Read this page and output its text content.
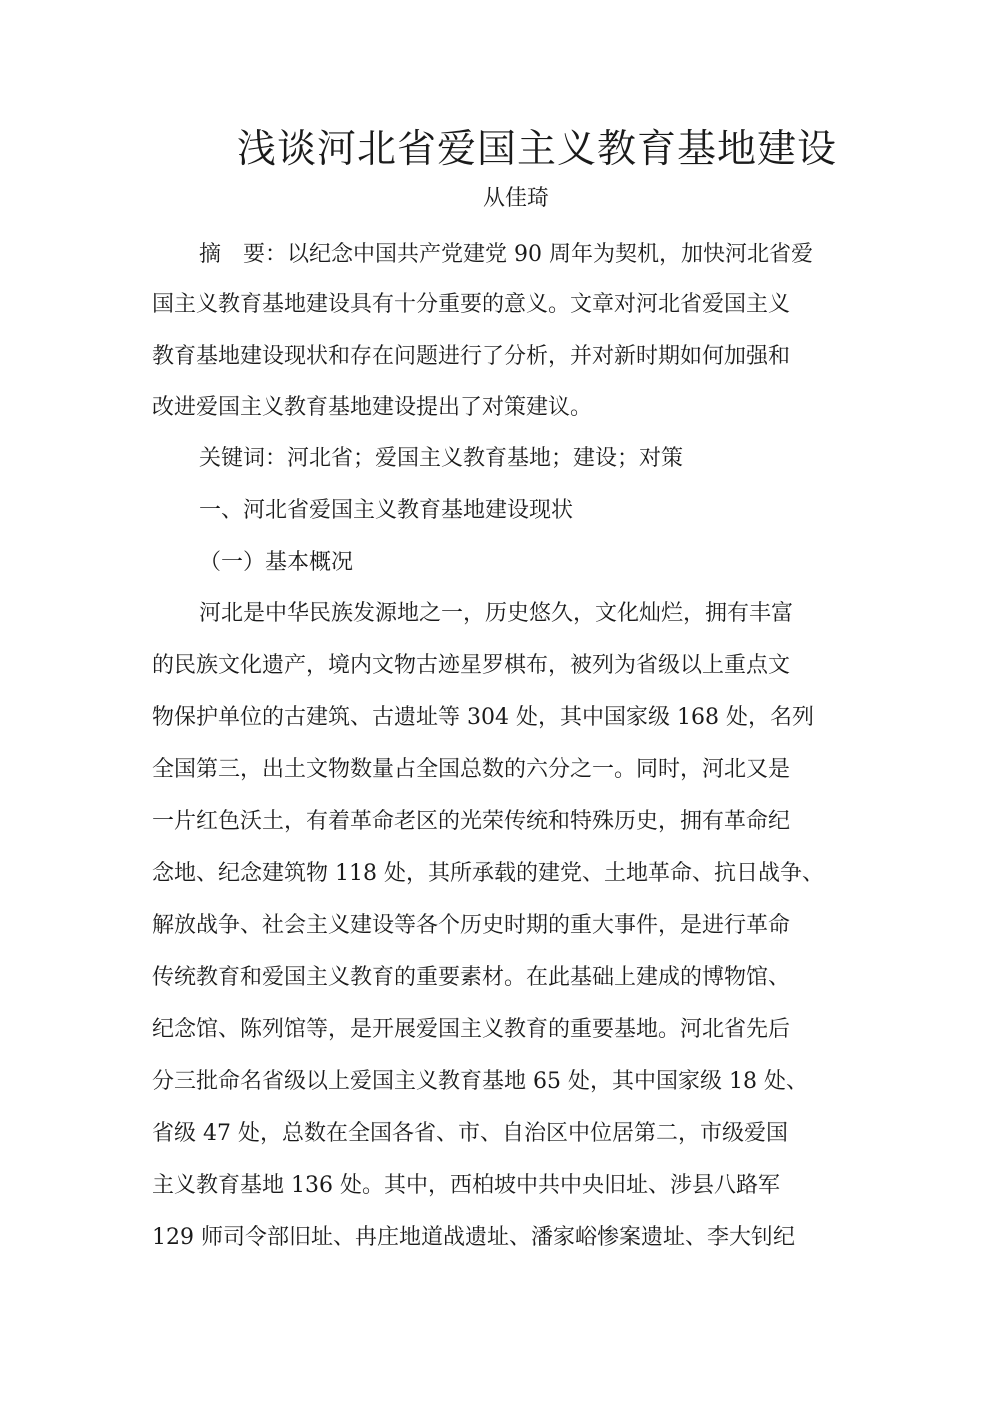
浅谈河北省爱国主义教育基地建设
从佳琦
摘　要：以纪念中国共产党建党 90 周年为契机，加快河北省爱
国主义教育基地建设具有十分重要的意义。文章对河北省爱国主义
教育基地建设现状和存在问题进行了分析，并对新时期如何加强和
改进爱国主义教育基地建设提出了对策建议。
关键词：河北省；爱国主义教育基地；建设；对策
一、河北省爱国主义教育基地建设现状
（一）基本概况
河北是中华民族发源地之一，历史悠久，文化灿烂，拥有丰富
的民族文化遗产，境内文物古迹星罗棋布，被列为省级以上重点文
物保护单位的古建筑、古遗址等 304 处，其中国家级 168 处，名列
全国第三，出土文物数量占全国总数的六分之一。同时，河北又是
一片红色沃土，有着革命老区的光荣传统和特殊历史，拥有革命纪
念地、纪念建筑物 118 处，其所承载的建党、土地革命、抗日战争、
解放战争、社会主义建设等各个历史时期的重大事件，是进行革命
传统教育和爱国主义教育的重要素材。在此基础上建成的博物馆、
纪念馆、陈列馆等，是开展爱国主义教育的重要基地。河北省先后
分三批命名省级以上爱国主义教育基地 65 处，其中国家级 18 处、
省级 47 处，总数在全国各省、市、自治区中位居第二，市级爱国
主义教育基地 136 处。其中，西柏坡中共中央旧址、涉县八路军
129 师司令部旧址、冉庄地道战遗址、潘家峪惨案遗址、李大钊纪
